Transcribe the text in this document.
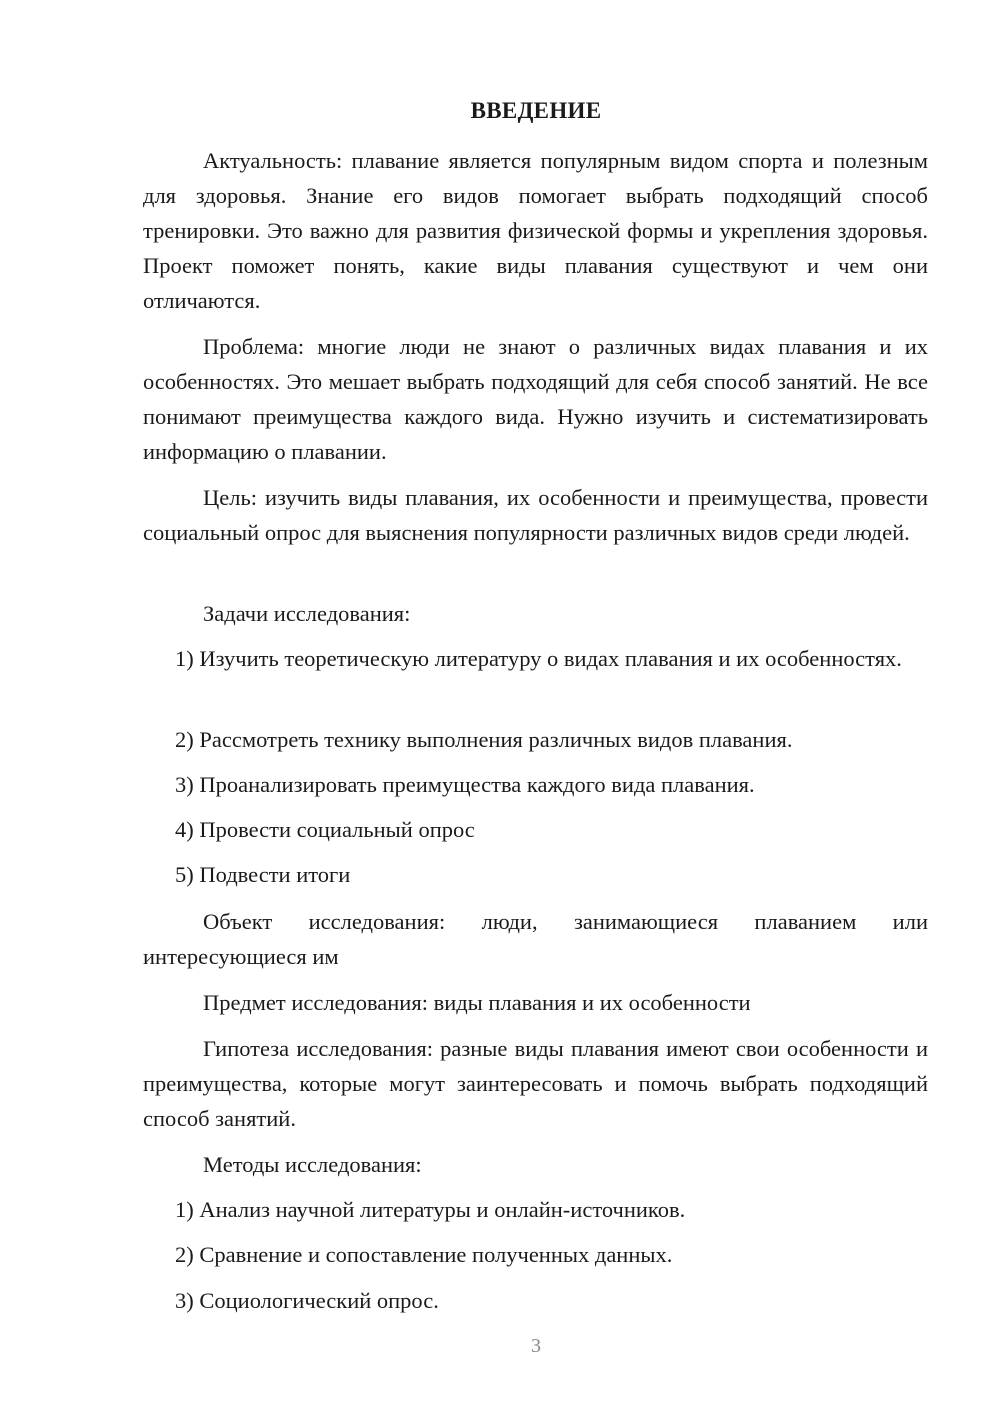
ВВЕДЕНИЕ

Актуальность: плавание является популярным видом спорта и полезным для здоровья. Знание его видов помогает выбрать подходящий способ тренировки. Это важно для развития физической формы и укрепления здоровья. Проект поможет понять, какие виды плавания существуют и чем они отличаются.

Проблема: многие люди не знают о различных видах плавания и их особенностях. Это мешает выбрать подходящий для себя способ занятий. Не все понимают преимущества каждого вида. Нужно изучить и систематизировать информацию о плавании.

Цель: изучить виды плавания, их особенности и преимущества, провести социальный опрос для выяснения популярности различных видов среди людей.

Задачи исследования:

1) Изучить теоретическую литературу о видах плавания и их особенностях.

2) Рассмотреть технику выполнения различных видов плавания.

3) Проанализировать преимущества каждого вида плавания.

4) Провести социальный опрос

5) Подвести итоги

Объект исследования: люди, занимающиеся плаванием или интересующиеся им

Предмет исследования: виды плавания и их особенности

Гипотеза исследования: разные виды плавания имеют свои особенности и преимущества, которые могут заинтересовать и помочь выбрать подходящий способ занятий.

Методы исследования:

1) Анализ научной литературы и онлайн-источников.

2) Сравнение и сопоставление полученных данных.

3) Социологический опрос.

3
